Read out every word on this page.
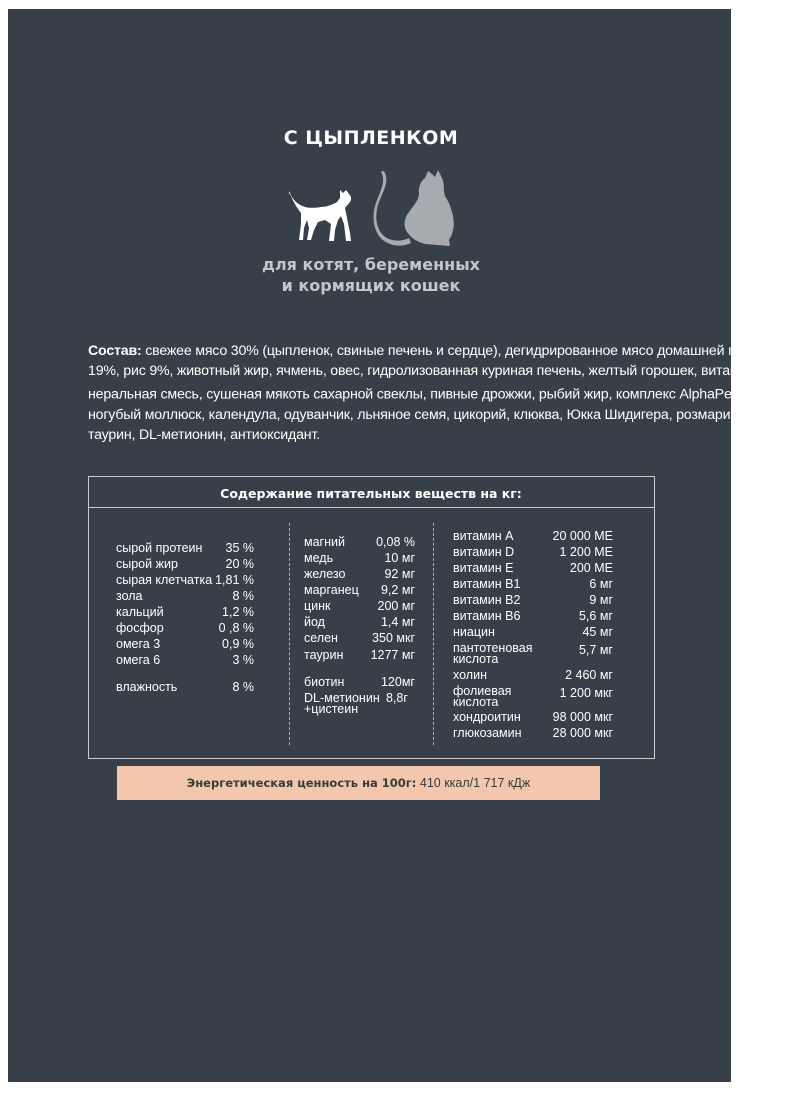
С ЦЫПЛЕНКОМ
для котят, беременных
и кормящих кошек
Состав: свежее мясо 30% (цыпленок, свиные печень и сердце), дегидрированное мясо домашней птицы
19%, рис 9%, животный жир, ячмень, овес, гидролизованная куриная печень, желтый горошек, витаминно-ми-
неральная смесь, сушеная мякоть сахарной свеклы, пивные дрожжи, рыбий жир, комплекс AlphaPetBIO® (зеле-
ногубый моллюск, календула, одуванчик, льняное семя, цикорий, клюква, Юкка Шидигера, розмарин),
таурин, DL-метионин, антиоксидант.
Содержание питательных веществ на кг:
сырой протеин 35 %
сырой жир	20 %
сырая клетчатка 1,81 %
зола	8 %
кальций	1,2 %
фосфор	0 ,8 %
омега 3	0,9 %
омега 6	3 %
влажность	8 %
магний 0,08 %
медь	10 мг
железо	92 мг
марганец 9,2 мг
цинк	200 мг
йод	1,4 мг
селен	350 мкг
таурин 1277 мг
биотин	120мг
DL-метионин
+цистеин
8,8г
витамин А	20 000 МЕ
витамин D	1 200 МЕ
витамин Е	200 МЕ
витамин В1	6 мг
витамин В2	9 мг
витамин В6	5,6 мг
ниацин	45 мг
пантотеновая
кислота
5,7 мг
холин	2 460 мг
фолиевая
кислота
1 200 мкг
хондроитин	98 000 мкг
глюкозамин 28 000 мкг
Энергетическая ценность на 100г: 410 ккал/1 717 кДж
